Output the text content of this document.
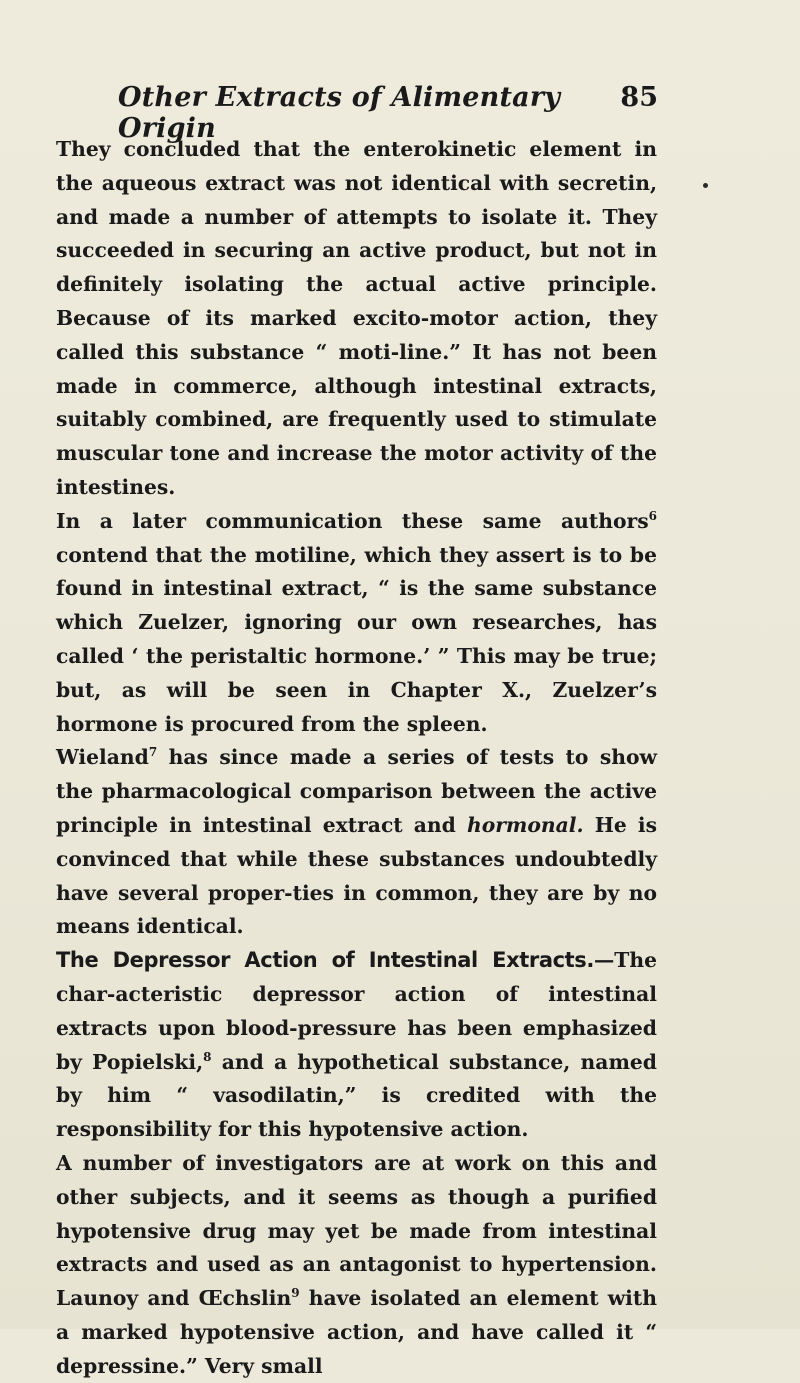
Other Extracts of Alimentary Origin
85

They concluded that the enterokinetic element in the aqueous extract was not identical with secretin, and made a number of attempts to isolate it. They succeeded in securing an active product, but not in definitely isolating the actual active principle. Because of its marked excito-motor action, they called this substance “ moti-line.” It has not been made in commerce, although intestinal extracts, suitably combined, are frequently used to stimulate muscular tone and increase the motor activity of the intestines.

In a later communication these same authors$^6$ contend that the motiline, which they assert is to be found in intestinal extract, “ is the same substance which Zuelzer, ignoring our own researches, has called ‘ the peristaltic hormone.’ ” This may be true; but, as will be seen in Chapter X., Zuelzer’s hormone is procured from the spleen.

Wieland$^7$ has since made a series of tests to show the pharmacological comparison between the active principle in intestinal extract and hormonal. He is convinced that while these substances undoubtedly have several proper-ties in common, they are by no means identical.

The Depressor Action of Intestinal Extracts.—The char-acteristic depressor action of intestinal extracts upon blood-pressure has been emphasized by Popielski,$^8$ and a hypothetical substance, named by him “ vasodilatin,” is credited with the responsibility for this hypotensive action.

A number of investigators are at work on this and other subjects, and it seems as though a purified hypotensive drug may yet be made from intestinal extracts and used as an antagonist to hypertension. Launoy and Œchslin$^9$ have isolated an element with a marked hypotensive action, and have called it “ depressine.” Very small
